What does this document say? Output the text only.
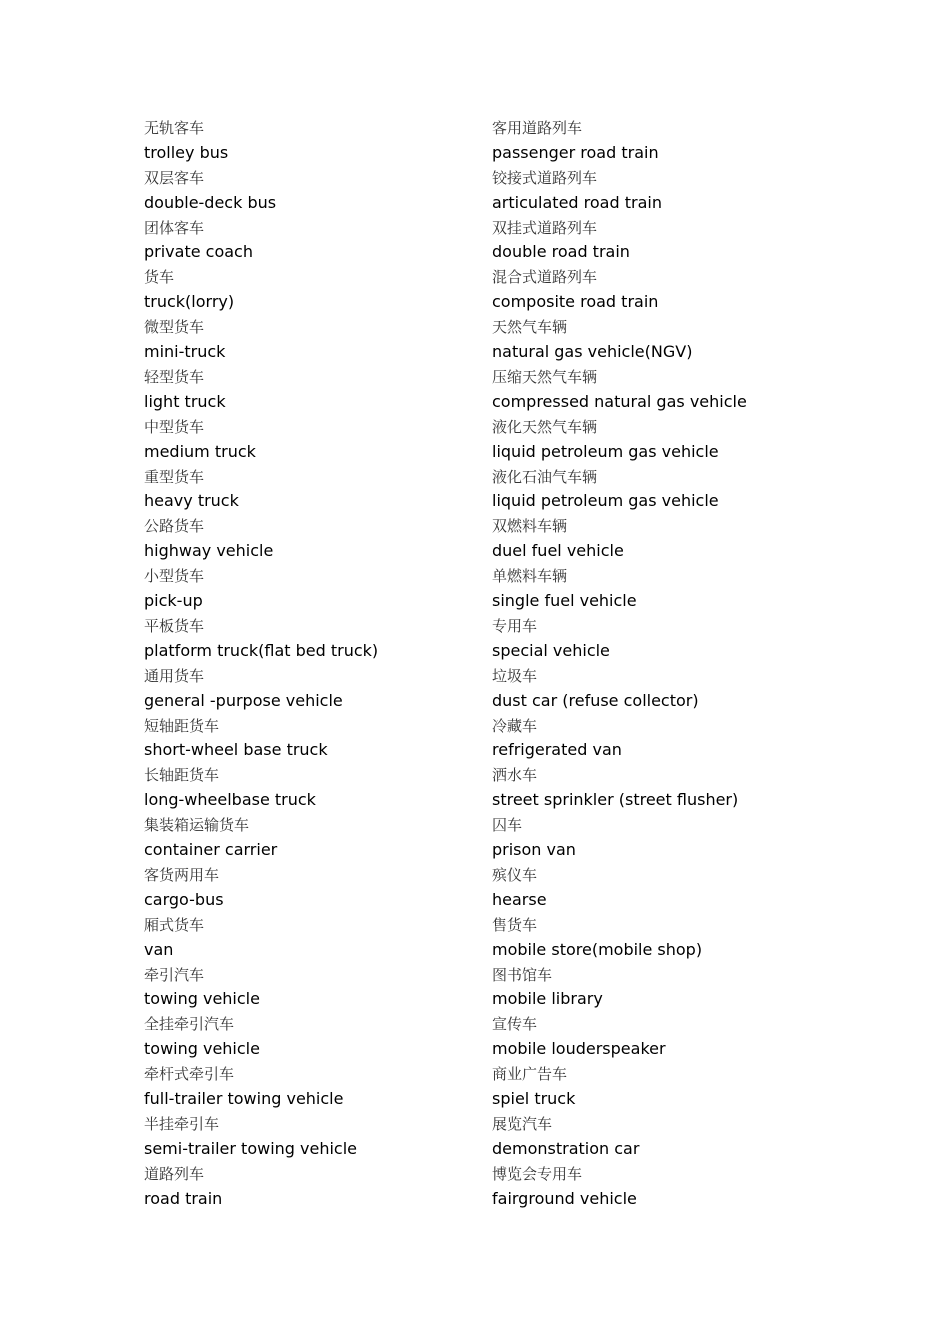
无轨客车
trolley bus
双层客车
double-deck bus
团体客车
private coach
货车
truck(lorry)
微型货车
mini-truck
轻型货车
light truck
中型货车
medium truck
重型货车
heavy truck
公路货车
highway vehicle
小型货车
pick-up
平板货车
platform truck(flat bed truck)
通用货车
general -purpose vehicle
短轴距货车
short-wheel base truck
长轴距货车
long-wheelbase truck
集装箱运输货车
container carrier
客货两用车
cargo-bus
厢式货车
van
牵引汽车
towing vehicle
全挂牵引汽车
towing vehicle
牵杆式牵引车
full-trailer towing vehicle
半挂牵引车
semi-trailer towing vehicle
道路列车
road train
客用道路列车
passenger road train
铰接式道路列车
articulated road train
双挂式道路列车
double road train
混合式道路列车
composite road train
天然气车辆
natural gas vehicle(NGV)
压缩天然气车辆
compressed natural gas vehicle
液化天然气车辆
liquid petroleum gas vehicle
液化石油气车辆
liquid petroleum gas vehicle
双燃料车辆
duel fuel vehicle
单燃料车辆
single fuel vehicle
专用车
special vehicle
垃圾车
dust car (refuse collector)
冷藏车
refrigerated van
洒水车
street sprinkler (street flusher)
囚车
prison van
殡仪车
hearse
售货车
mobile store(mobile shop)
图书馆车
mobile library
宣传车
mobile louderspeaker
商业广告车
spiel truck
展览汽车
demonstration car
博览会专用车
fairground vehicle
